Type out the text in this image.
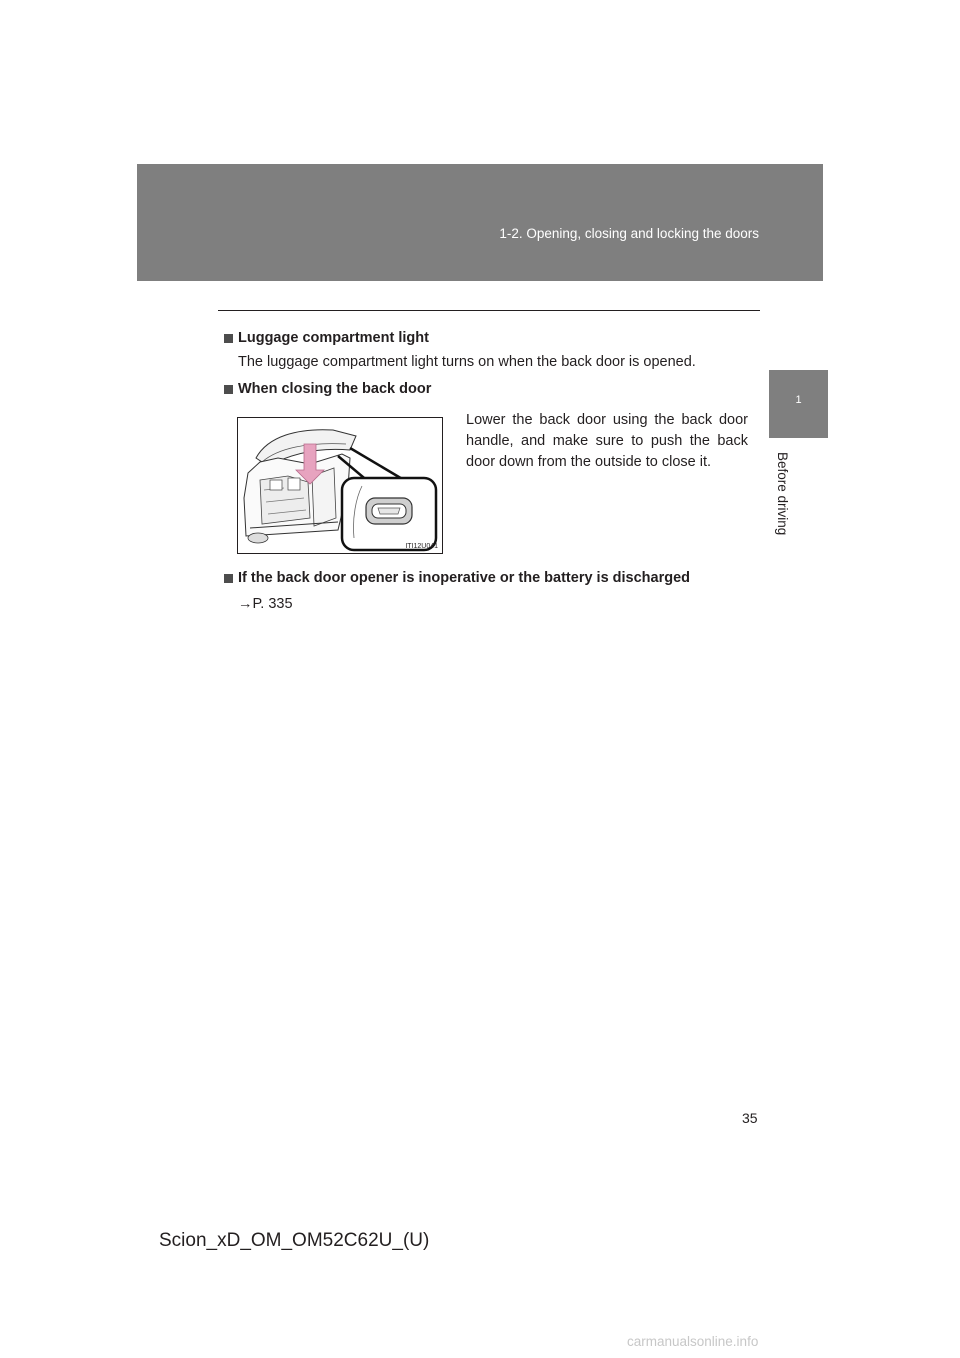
1-2. Opening, closing and locking the doors
1
Before driving
Luggage compartment light
The luggage compartment light turns on when the back door is opened.
When closing the back door
ITI12U041
Lower the back door using the back door handle, and make sure to push the back door down from the outside to close it.
If the back door opener is inoperative or the battery is discharged
→P. 335
35
Scion_xD_OM_OM52C62U_(U)
carmanualsonline.info
